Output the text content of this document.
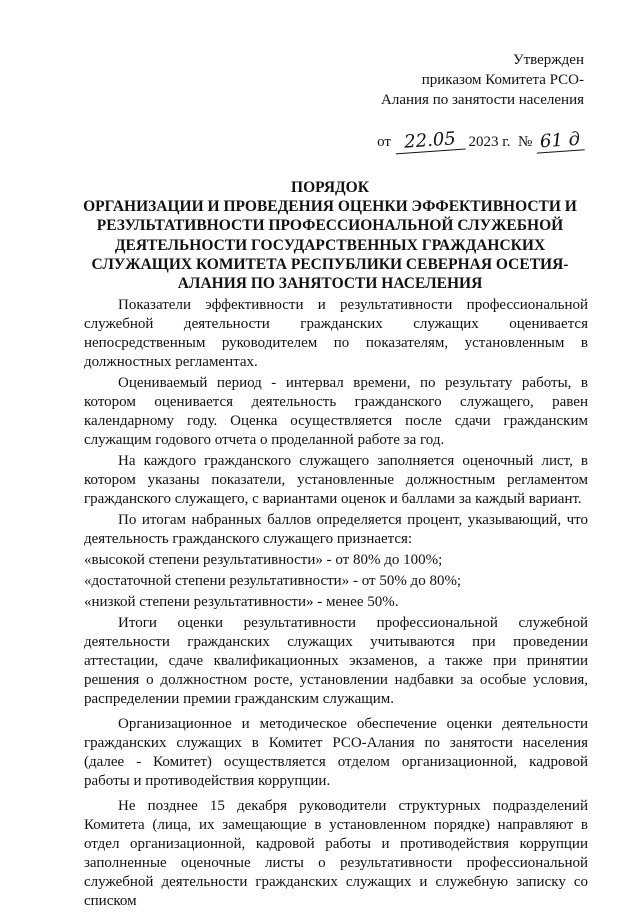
Утвержден
приказом Комитета РСО-
Алания по занятости населения
от 22.05 2023 г. № 61 д
ПОРЯДОК
ОРГАНИЗАЦИИ И ПРОВЕДЕНИЯ ОЦЕНКИ ЭФФЕКТИВНОСТИ И
РЕЗУЛЬТАТИВНОСТИ ПРОФЕССИОНАЛЬНОЙ СЛУЖЕБНОЙ
ДЕЯТЕЛЬНОСТИ ГОСУДАРСТВЕННЫХ ГРАЖДАНСКИХ
СЛУЖАЩИХ КОМИТЕТА РЕСПУБЛИКИ СЕВЕРНАЯ ОСЕТИЯ-
АЛАНИЯ ПО ЗАНЯТОСТИ НАСЕЛЕНИЯ

Показатели эффективности и результативности профессиональной служебной деятельности гражданских служащих оценивается непосредственным руководителем по показателям, установленным в должностных регламентах.

Оцениваемый период - интервал времени, по результату работы, в котором оценивается деятельность гражданского служащего, равен календарному году. Оценка осуществляется после сдачи гражданским служащим годового отчета о проделанной работе за год.

На каждого гражданского служащего заполняется оценочный лист, в котором указаны показатели, установленные должностным регламентом гражданского служащего, с вариантами оценок и баллами за каждый вариант.

По итогам набранных баллов определяется процент, указывающий, что деятельность гражданского служащего признается:

«высокой степени результативности» - от 80% до 100%;

«достаточной степени результативности» - от 50% до 80%;

«низкой степени результативности» - менее 50%.

Итоги оценки результативности профессиональной служебной деятельности гражданских служащих учитываются при проведении аттестации, сдаче квалификационных экзаменов, а также при принятии решения о должностном росте, установлении надбавки за особые условия, распределении премии гражданским служащим.

Организационное и методическое обеспечение оценки деятельности гражданских служащих в Комитет РСО-Алания по занятости населения (далее - Комитет) осуществляется отделом организационной, кадровой работы и противодействия коррупции.

Не позднее 15 декабря руководители структурных подразделений Комитета (лица, их замещающие в установленном порядке) направляют в отдел организационной, кадровой работы и противодействия коррупции заполненные оценочные листы о результативности профессиональной служебной деятельности гражданских служащих и служебную записку со списком
